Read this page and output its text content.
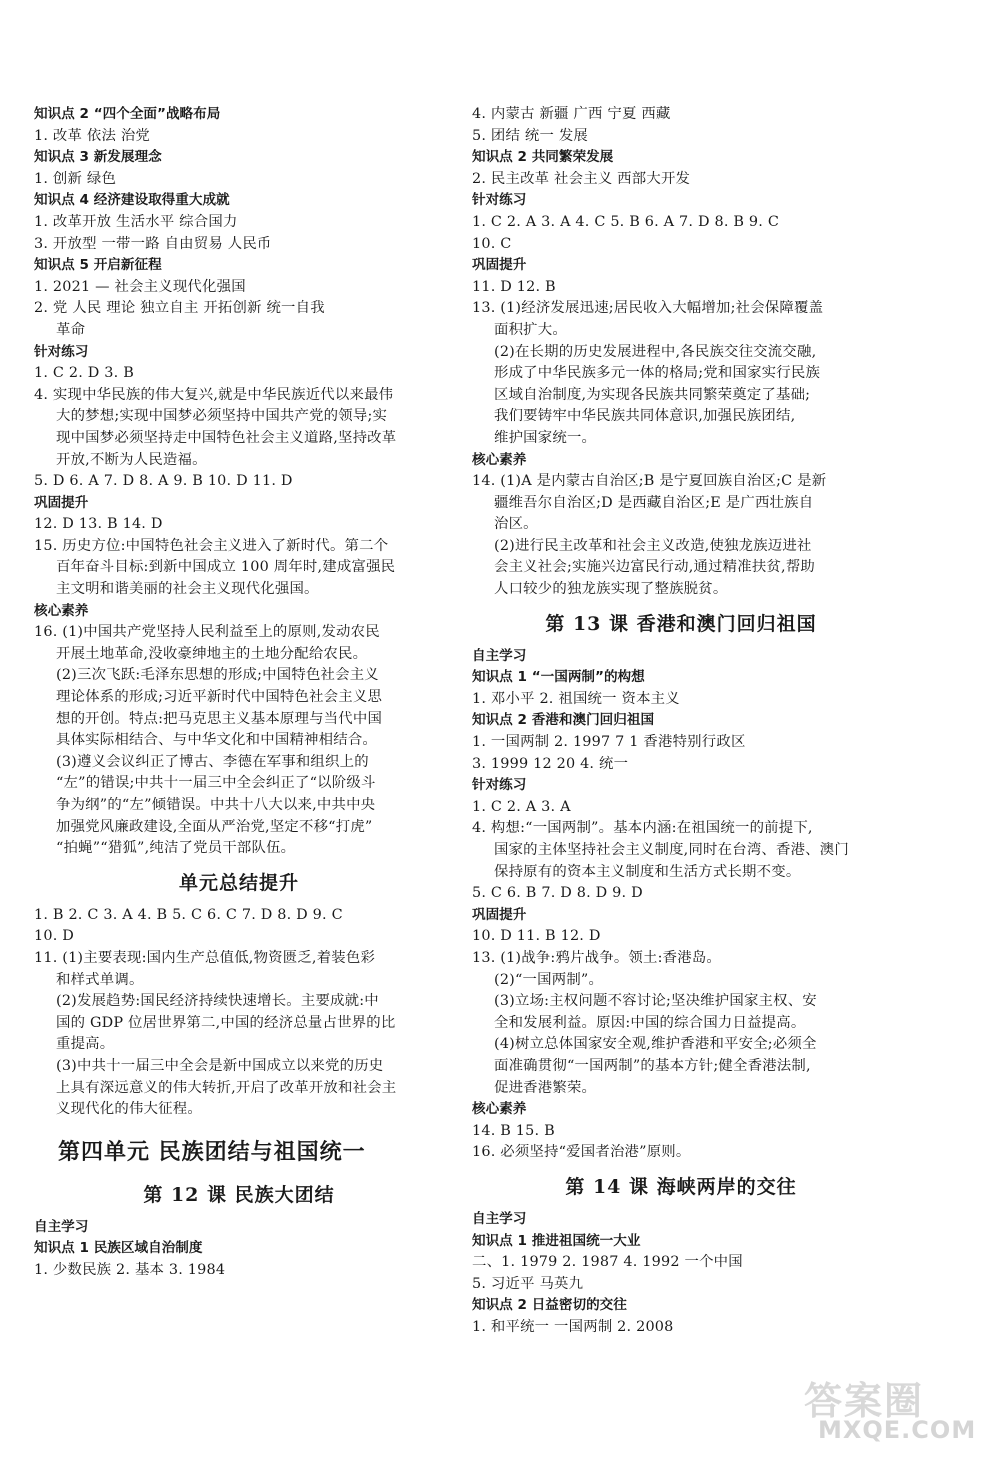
知识点 2 “四个全面”战略布局

1. 改革 依法 治党

知识点 3 新发展理念

1. 创新 绿色

知识点 4 经济建设取得重大成就

1. 改革开放 生活水平 综合国力

3. 开放型 一带一路 自由贸易 人民币

知识点 5 开启新征程

1. 2021 — 社会主义现代化强国

2. 党 人民 理论 独立自主 开拓创新 统一自我

革命

针对练习

1. C 2. D 3. B

4. 实现中华民族的伟大复兴,就是中华民族近代以来最伟

大的梦想;实现中国梦必须坚持中国共产党的领导;实

现中国梦必须坚持走中国特色社会主义道路,坚持改革

开放,不断为人民造福。

5. D 6. A 7. D 8. A 9. B 10. D 11. D

巩固提升

12. D 13. B 14. D

15. 历史方位:中国特色社会主义进入了新时代。第二个

百年奋斗目标:到新中国成立 100 周年时,建成富强民

主文明和谐美丽的社会主义现代化强国。

核心素养

16. (1)中国共产党坚持人民利益至上的原则,发动农民

开展土地革命,没收豪绅地主的土地分配给农民。

(2)三次飞跃:毛泽东思想的形成;中国特色社会主义

理论体系的形成;习近平新时代中国特色社会主义思

想的开创。特点:把马克思主义基本原理与当代中国

具体实际相结合、与中华文化和中国精神相结合。

(3)遵义会议纠正了博古、李德在军事和组织上的

“左”的错误;中共十一届三中全会纠正了“以阶级斗

争为纲”的“左”倾错误。中共十八大以来,中共中央

加强党风廉政建设,全面从严治党,坚定不移“打虎”

“拍蝇”“猎狐”,纯洁了党员干部队伍。

单元总结提升

1. B 2. C 3. A 4. B 5. C 6. C 7. D 8. D 9. C

10. D

11. (1)主要表现:国内生产总值低,物资匮乏,着装色彩

和样式单调。

(2)发展趋势:国民经济持续快速增长。主要成就:中

国的 GDP 位居世界第二,中国的经济总量占世界的比

重提高。

(3)中共十一届三中全会是新中国成立以来党的历史

上具有深远意义的伟大转折,开启了改革开放和社会主

义现代化的伟大征程。

第四单元 民族团结与祖国统一

第 12 课 民族大团结

自主学习

知识点 1 民族区域自治制度

1. 少数民族 2. 基本 3. 1984

4. 内蒙古 新疆 广西 宁夏 西藏

5. 团结 统一 发展

知识点 2 共同繁荣发展

2. 民主改革 社会主义 西部大开发

针对练习

1. C 2. A 3. A 4. C 5. B 6. A 7. D 8. B 9. C

10. C

巩固提升

11. D 12. B

13. (1)经济发展迅速;居民收入大幅增加;社会保障覆盖

面积扩大。

(2)在长期的历史发展进程中,各民族交往交流交融,

形成了中华民族多元一体的格局;党和国家实行民族

区域自治制度,为实现各民族共同繁荣奠定了基础;

我们要铸牢中华民族共同体意识,加强民族团结,

维护国家统一。

核心素养

14. (1)A 是内蒙古自治区;B 是宁夏回族自治区;C 是新

疆维吾尔自治区;D 是西藏自治区;E 是广西壮族自

治区。

(2)进行民主改革和社会主义改造,使独龙族迈进社

会主义社会;实施兴边富民行动,通过精准扶贫,帮助

人口较少的独龙族实现了整族脱贫。

第 13 课 香港和澳门回归祖国

自主学习

知识点 1 “一国两制”的构想

1. 邓小平 2. 祖国统一 资本主义

知识点 2 香港和澳门回归祖国

1. 一国两制 2. 1997 7 1 香港特别行政区

3. 1999 12 20 4. 统一

针对练习

1. C 2. A 3. A

4. 构想:“一国两制”。基本内涵:在祖国统一的前提下,

国家的主体坚持社会主义制度,同时在台湾、香港、澳门

保持原有的资本主义制度和生活方式长期不变。

5. C 6. B 7. D 8. D 9. D

巩固提升

10. D 11. B 12. D

13. (1)战争:鸦片战争。领土:香港岛。

(2)“一国两制”。

(3)立场:主权问题不容讨论;坚决维护国家主权、安

全和发展利益。原因:中国的综合国力日益提高。

(4)树立总体国家安全观,维护香港和平安全;必须全

面准确贯彻“一国两制”的基本方针;健全香港法制,

促进香港繁荣。

核心素养

14. B 15. B

16. 必须坚持“爱国者治港”原则。

第 14 课 海峡两岸的交往

自主学习

知识点 1 推进祖国统一大业

二、1. 1979 2. 1987 4. 1992 一个中国

5. 习近平 马英九

知识点 2 日益密切的交往

1. 和平统一 一国两制 2. 2008

答案圈
MXQE.COM
